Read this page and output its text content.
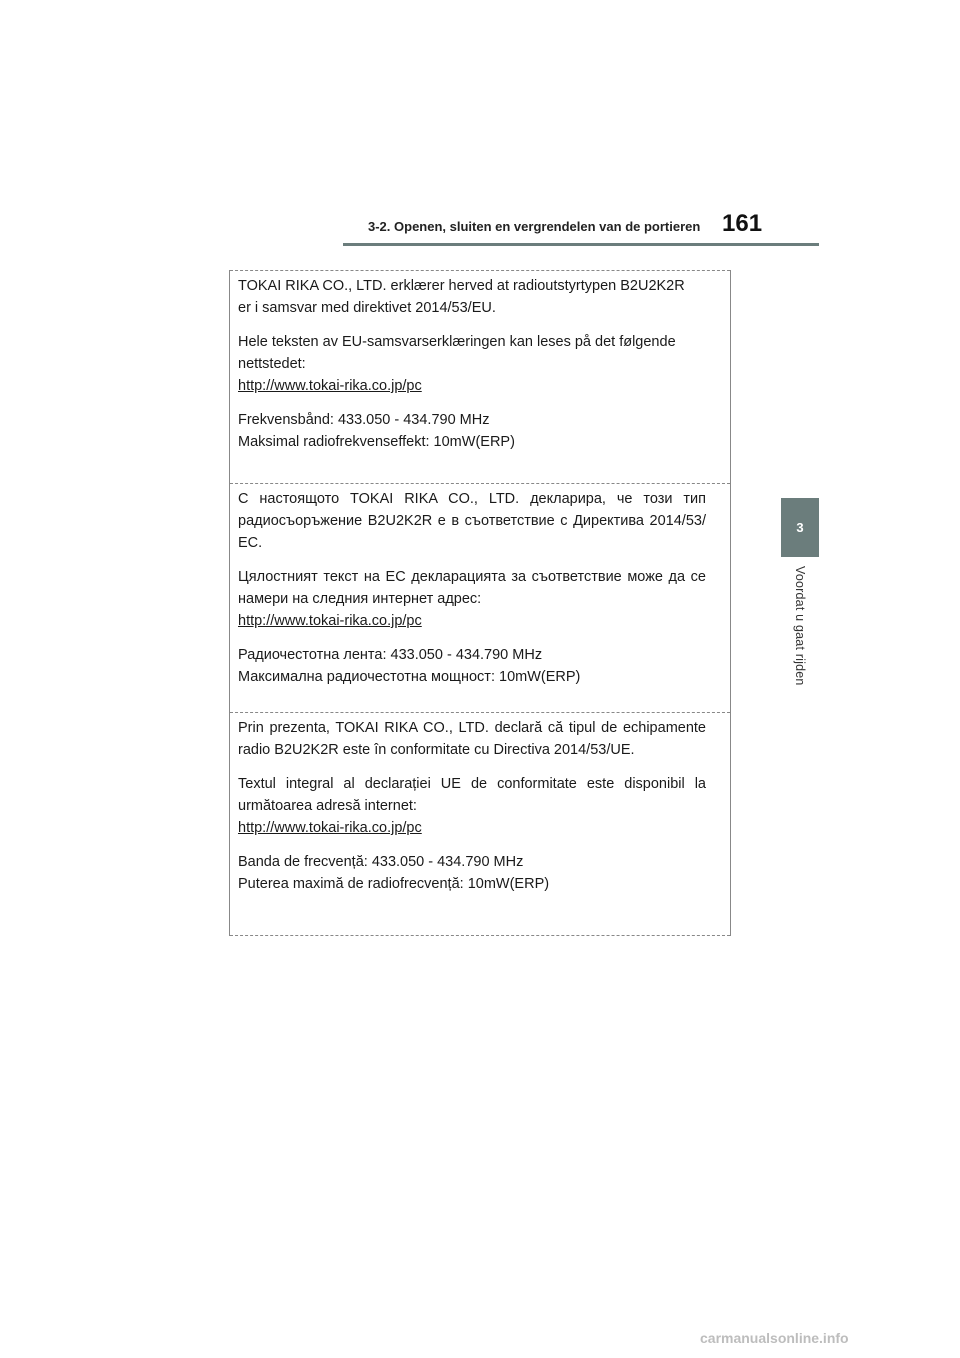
3-2. Openen, sluiten en vergrendelen van de portieren 161
3
Voordat u gaat rijden

TOKAI RIKA CO., LTD. erklærer herved at radioutstyrtypen B2U2K2R
er i samsvar med direktivet 2014/53/EU.

Hele teksten av EU-samsvarserklæringen kan leses på det følgende
nettstedet:
http://www.tokai-rika.co.jp/pc

Frekvensbånd: 433.050 - 434.790 MHz
Maksimal radiofrekvenseffekt: 10mW(ERP)

С настоящото TOKAI RIKA CO., LTD. декларира, че този тип радиосъоръжение B2U2K2R е в съответствие с Директива 2014/53/ЕС.

Цялостният текст на ЕС декларацията за съответствие може да се намери на следния интернет адрес:
http://www.tokai-rika.co.jp/pc

Радиочестотна лента: 433.050 - 434.790 MHz
Максимална радиочестотна мощност: 10mW(ERP)

Prin prezenta, TOKAI RIKA CO., LTD. declară că tipul de echipamente radio B2U2K2R este în conformitate cu Directiva 2014/53/UE.

Textul integral al declarației UE de conformitate este disponibil la următoarea adresă internet:
http://www.tokai-rika.co.jp/pc

Banda de frecvență: 433.050 - 434.790 MHz
Puterea maximă de radiofrecvență: 10mW(ERP)

carmanualsonline.info
